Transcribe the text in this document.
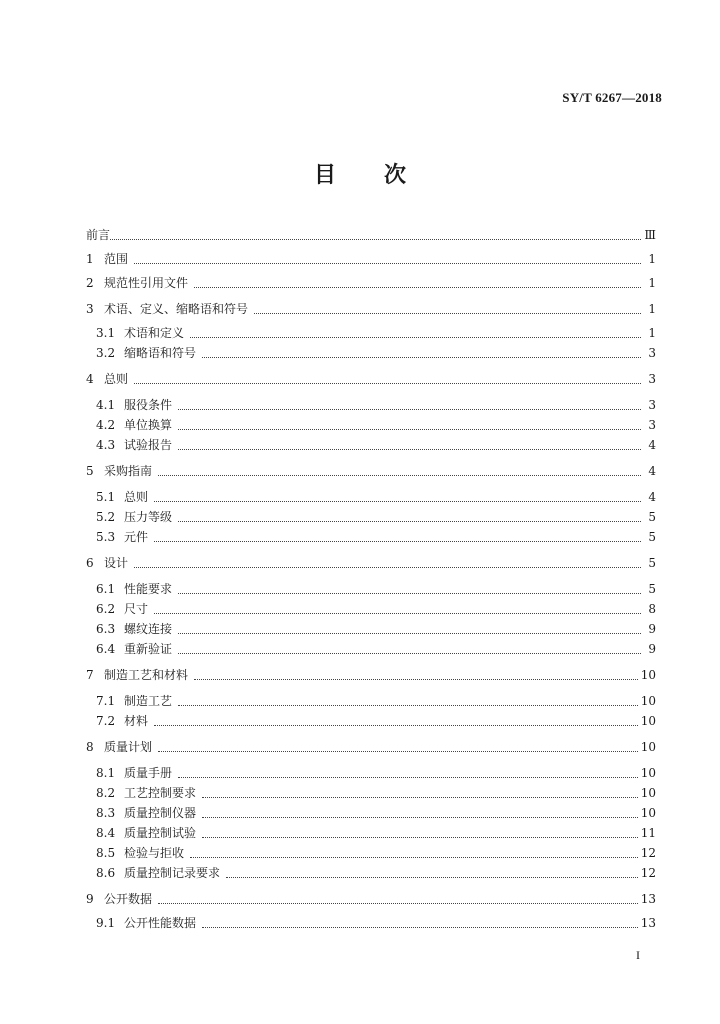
SY/T 6267—2018
目 次
前言	Ⅲ
1 范围	1
2 规范性引用文件	1
3 术语、定义、缩略语和符号	1
3.1 术语和定义	1
3.2 缩略语和符号	3
4 总则	3
4.1 服役条件	3
4.2 单位换算	3
4.3 试验报告	4
5 采购指南	4
5.1 总则	4
5.2 压力等级	5
5.3 元件	5
6 设计	5
6.1 性能要求	5
6.2 尺寸	8
6.3 螺纹连接	9
6.4 重新验证	9
7 制造工艺和材料	10
7.1 制造工艺	10
7.2 材料	10
8 质量计划	10
8.1 质量手册	10
8.2 工艺控制要求	10
8.3 质量控制仪器	10
8.4 质量控制试验	11
8.5 检验与拒收	12
8.6 质量控制记录要求	12
9 公开数据	13
9.1 公开性能数据	13
I
